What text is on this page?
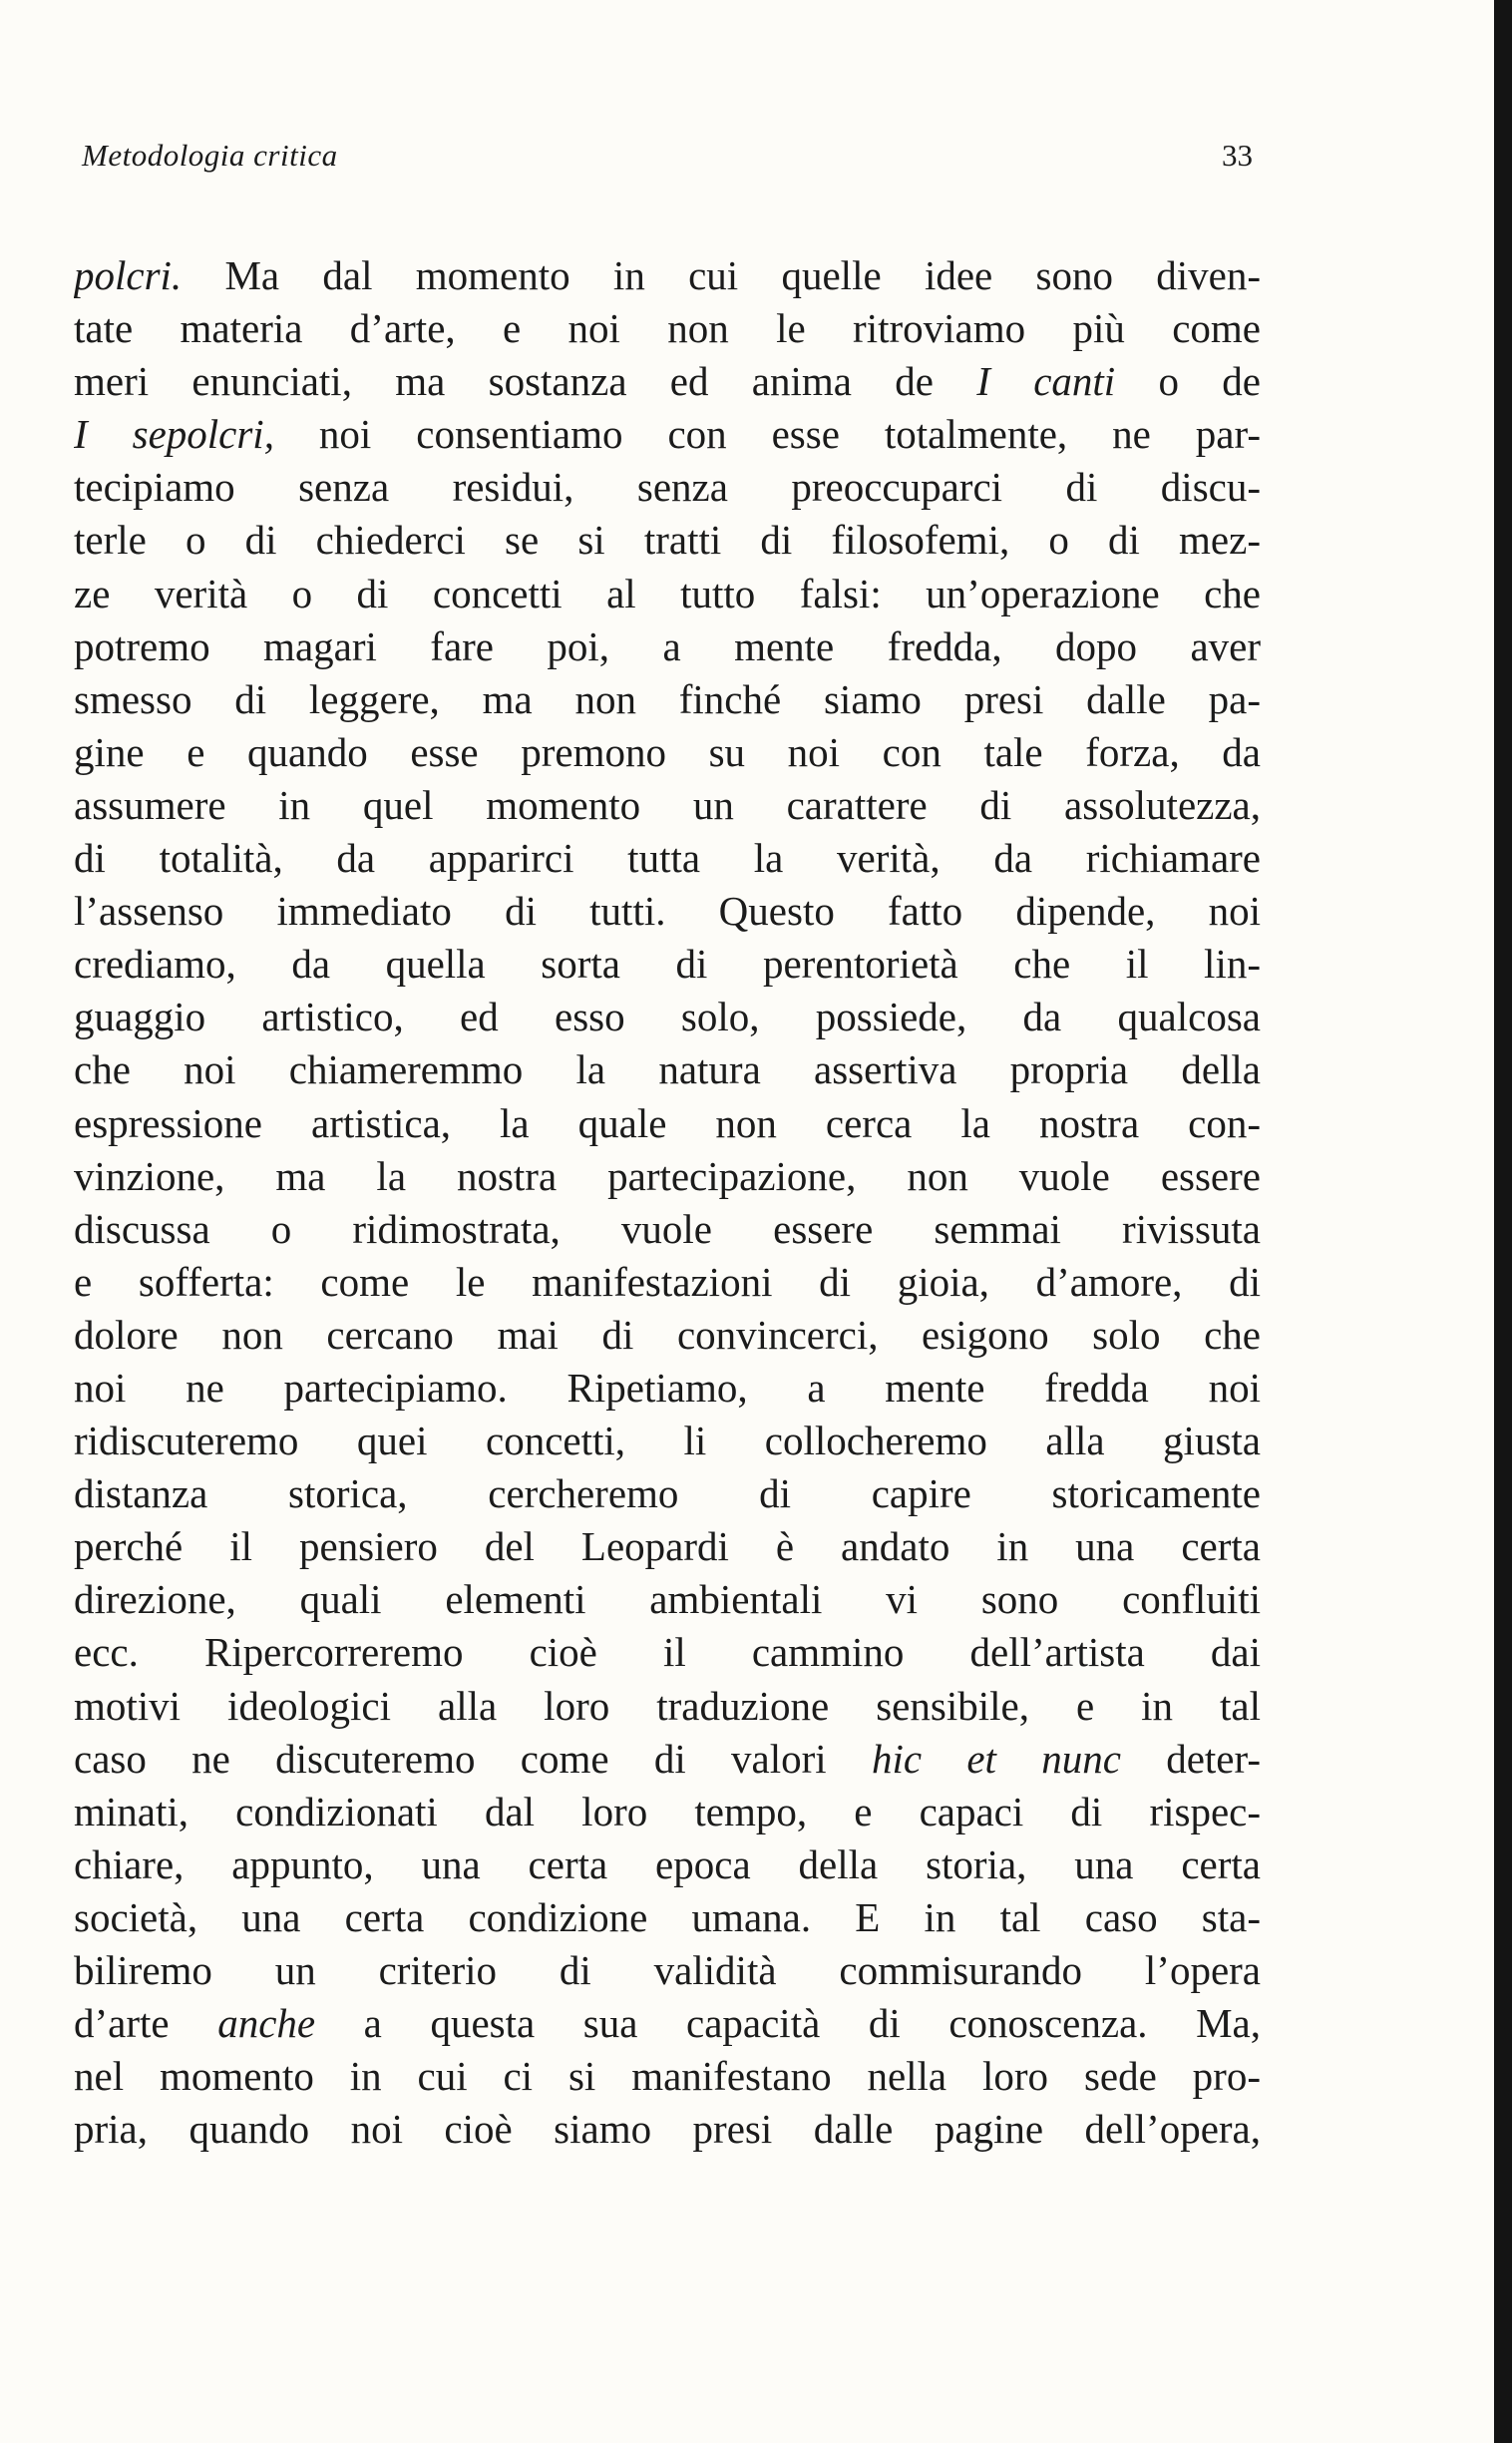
Metodologia critica	33
polcri. Ma dal momento in cui quelle idee sono diven-
tate materia d’arte, e noi non le ritroviamo più come
meri enunciati, ma sostanza ed anima de I canti o de
I sepolcri, noi consentiamo con esse totalmente, ne par-
tecipiamo senza residui, senza preoccuparci di discu-
terle o di chiederci se si tratti di filosofemi, o di mez-
ze verità o di concetti al tutto falsi: un’operazione che
potremo magari fare poi, a mente fredda, dopo aver
smesso di leggere, ma non finché siamo presi dalle pa-
gine e quando esse premono su noi con tale forza, da
assumere in quel momento un carattere di assolutezza,
di totalità, da apparirci tutta la verità, da richiamare
l’assenso immediato di tutti. Questo fatto dipende, noi
crediamo, da quella sorta di perentorietà che il lin-
guaggio artistico, ed esso solo, possiede, da qualcosa
che noi chiameremmo la natura assertiva propria della
espressione artistica, la quale non cerca la nostra con-
vinzione, ma la nostra partecipazione, non vuole essere
discussa o ridimostrata, vuole essere semmai rivissuta
e sofferta: come le manifestazioni di gioia, d’amore, di
dolore non cercano mai di convincerci, esigono solo che
noi ne partecipiamo. Ripetiamo, a mente fredda noi
ridiscuteremo quei concetti, li collocheremo alla giusta
distanza storica, cercheremo di capire storicamente
perché il pensiero del Leopardi è andato in una certa
direzione, quali elementi ambientali vi sono confluiti
ecc. Ripercorreremo cioè il cammino dell’artista dai
motivi ideologici alla loro traduzione sensibile, e in tal
caso ne discuteremo come di valori hic et nunc deter-
minati, condizionati dal loro tempo, e capaci di rispec-
chiare, appunto, una certa epoca della storia, una certa
società, una certa condizione umana. E in tal caso sta-
biliremo un criterio di validità commisurando l’opera
d’arte anche a questa sua capacità di conoscenza. Ma,
nel momento in cui ci si manifestano nella loro sede pro-
pria, quando noi cioè siamo presi dalle pagine dell’opera,
